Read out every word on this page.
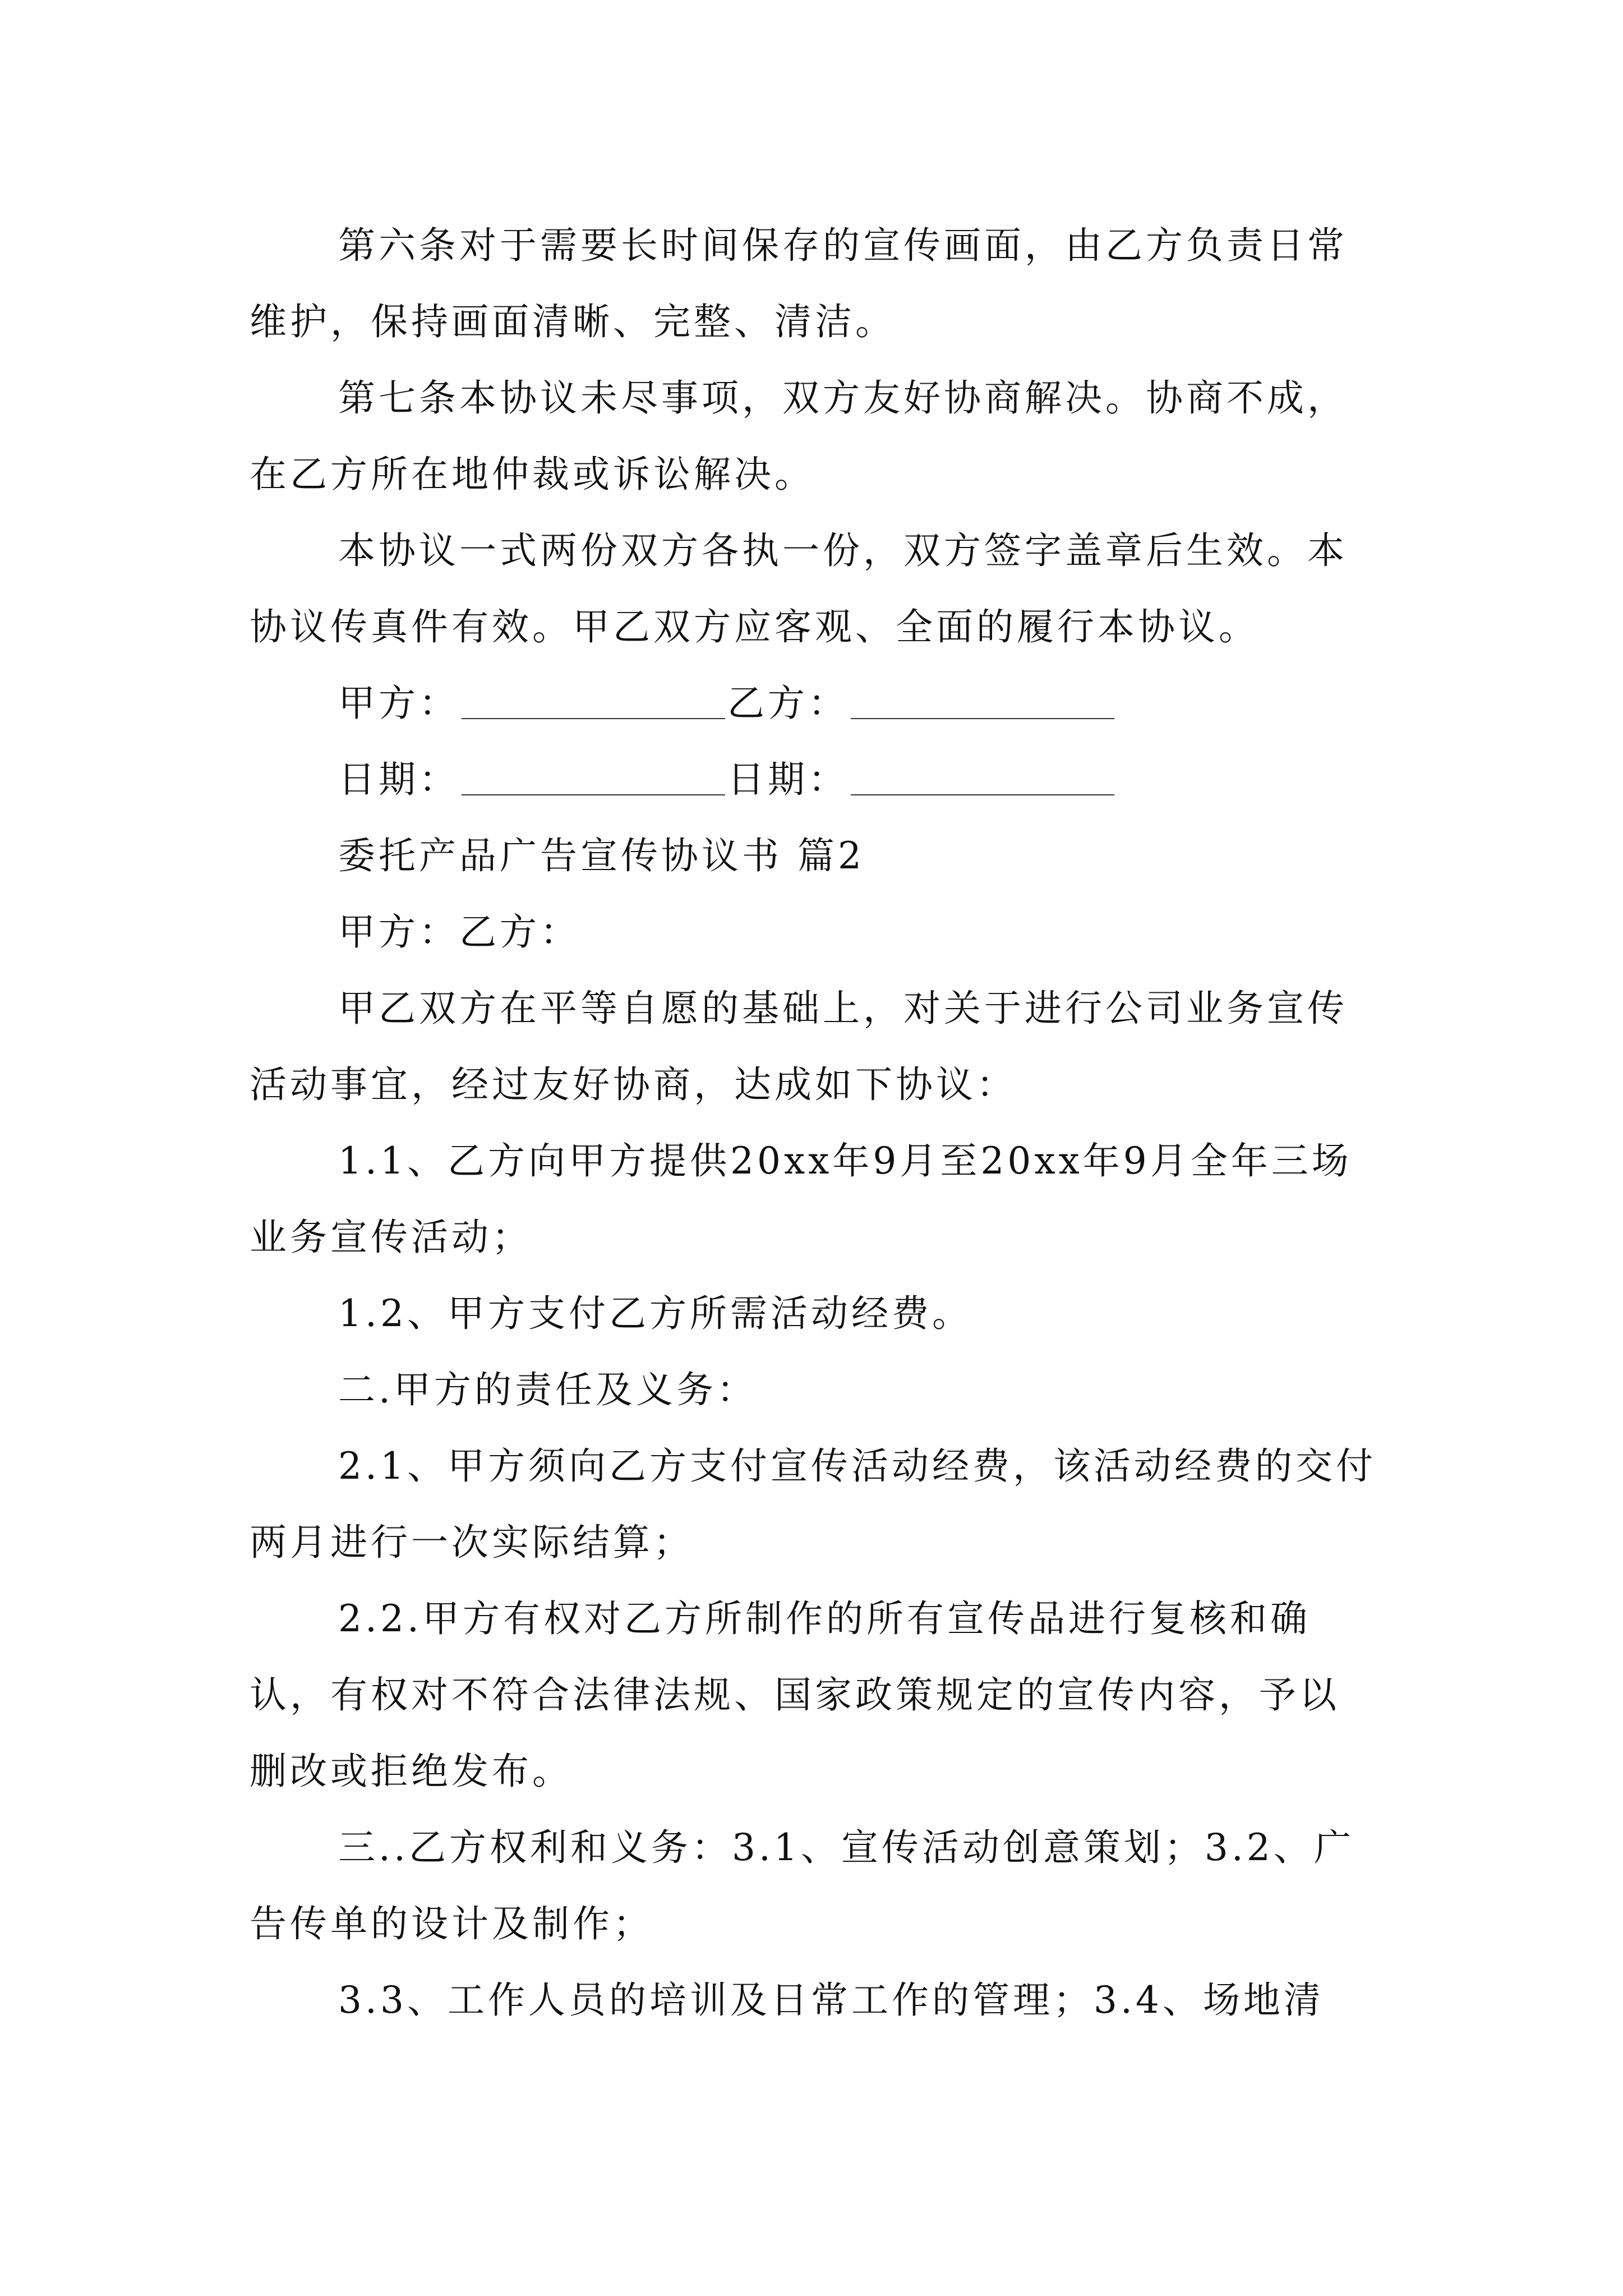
第六条对于需要长时间保存的宣传画面，由乙方负责日常维护，保持画面清晰、完整、清洁。

第七条本协议未尽事项，双方友好协商解决。协商不成，在乙方所在地仲裁或诉讼解决。

本协议一式两份双方各执一份，双方签字盖章后生效。本协议传真件有效。甲乙双方应客观、全面的履行本协议。

甲方：	乙方：
日期：	日期：

委托产品广告宣传协议书 篇2

甲方：乙方：

甲乙双方在平等自愿的基础上，对关于进行公司业务宣传活动事宜，经过友好协商，达成如下协议：

1.1、乙方向甲方提供20xx年9月至20xx年9月全年三场业务宣传活动；

1.2、甲方支付乙方所需活动经费。

二.甲方的责任及义务：

2.1、甲方须向乙方支付宣传活动经费，该活动经费的交付两月进行一次实际结算；

2.2.甲方有权对乙方所制作的所有宣传品进行复核和确认，有权对不符合法律法规、国家政策规定的宣传内容，予以删改或拒绝发布。

三..乙方权利和义务：3.1、宣传活动创意策划；3.2、广告传单的设计及制作；

3.3、工作人员的培训及日常工作的管理；3.4、场地清
